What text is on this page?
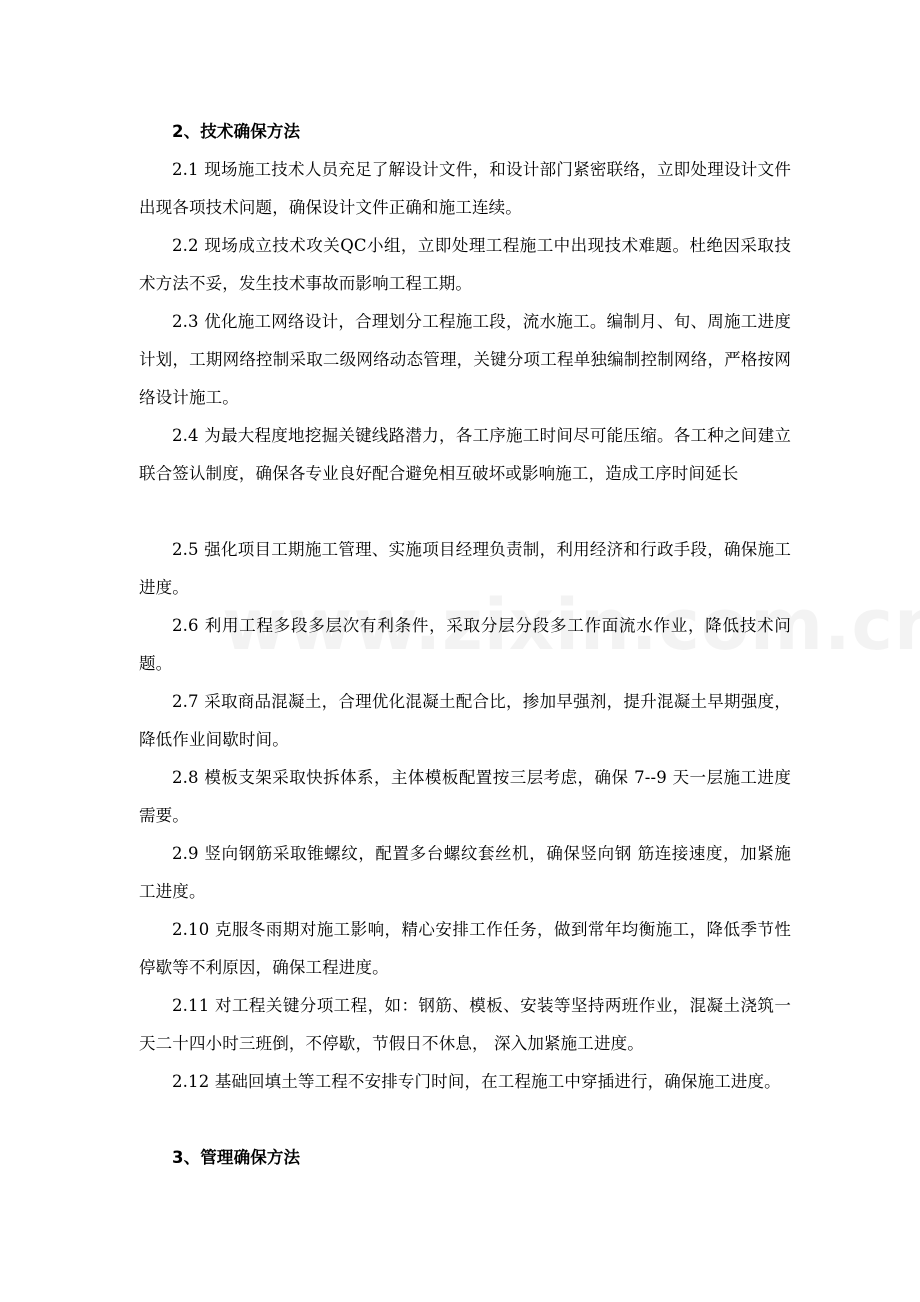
2、技术确保方法

2.1 现场施工技术人员充足了解设计文件，和设计部门紧密联络，立即处理设计文件出现各项技术问题，确保设计文件正确和施工连续。

2.2 现场成立技术攻关QC小组，立即处理工程施工中出现技术难题。杜绝因采取技术方法不妥，发生技术事故而影响工程工期。

2.3 优化施工网络设计，合理划分工程施工段，流水施工。编制月、旬、周施工进度计划，工期网络控制采取二级网络动态管理，关键分项工程单独编制控制网络，严格按网络设计施工。

2.4 为最大程度地挖掘关键线路潜力，各工序施工时间尽可能压缩。各工种之间建立联合签认制度，确保各专业良好配合避免相互破坏或影响施工，造成工序时间延长

2.5 强化项目工期施工管理、实施项目经理负责制，利用经济和行政手段，确保施工进度。

2.6 利用工程多段多层次有利条件，采取分层分段多工作面流水作业，降低技术问题。

2.7 采取商品混凝土，合理优化混凝土配合比，掺加早强剂，提升混凝土早期强度，降低作业间歇时间。

2.8 模板支架采取快拆体系，主体模板配置按三层考虑，确保 7--9 天一层施工进度需要。

2.9 竖向钢筋采取锥螺纹，配置多台螺纹套丝机，确保竖向钢 筋连接速度，加紧施工进度。

2.10 克服冬雨期对施工影响，精心安排工作任务，做到常年均衡施工，降低季节性停歇等不利原因，确保工程进度。

2.11 对工程关键分项工程，如：钢筋、模板、安装等坚持两班作业，混凝土浇筑一天二十四小时三班倒，不停歇，节假日不休息， 深入加紧施工进度。

2.12 基础回填土等工程不安排专门时间，在工程施工中穿插进行，确保施工进度。

3、管理确保方法
